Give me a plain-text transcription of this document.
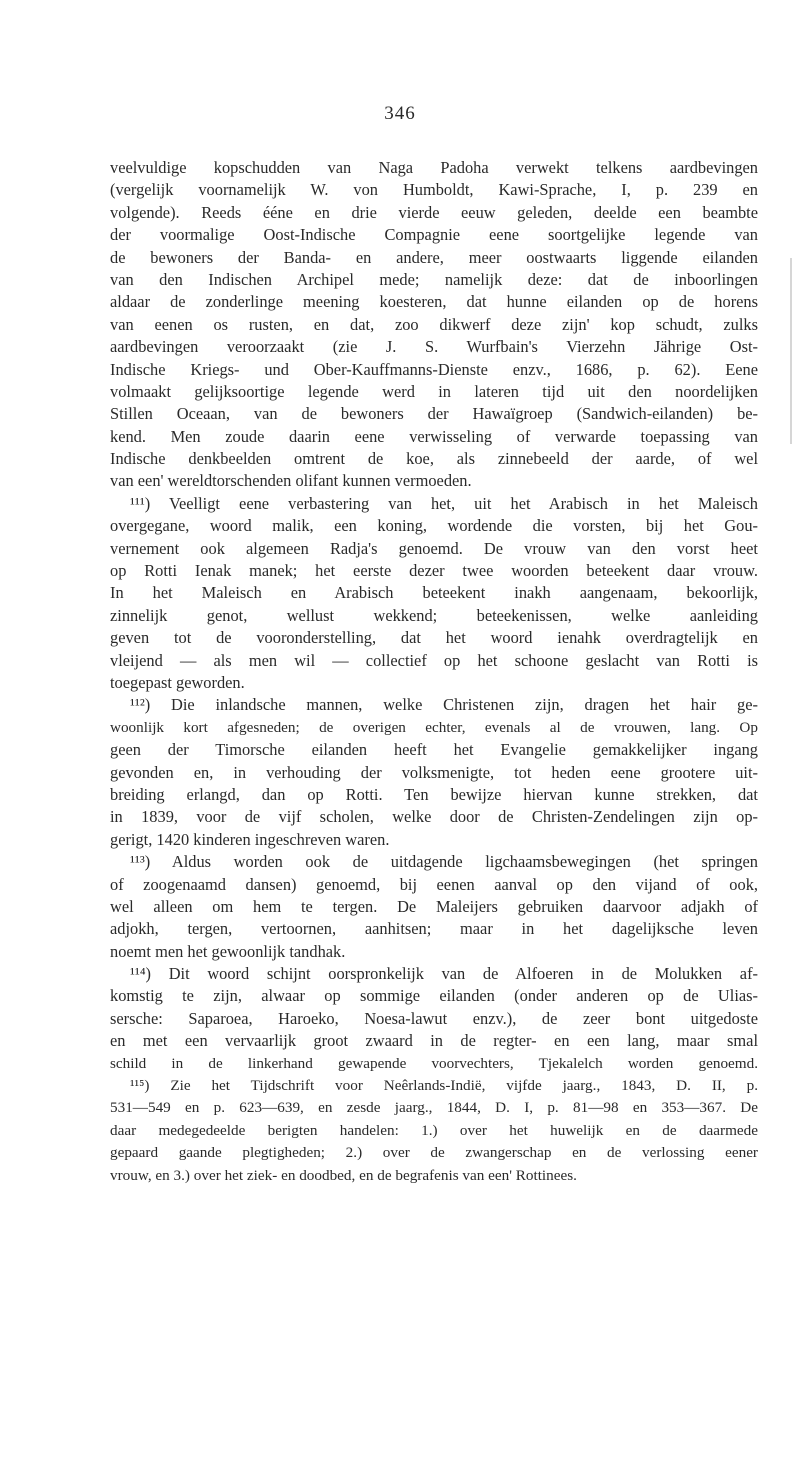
346
veelvuldige kopschudden van Naga Padoha verwekt telkens aardbevingen
(vergelijk voornamelijk W. von Humboldt, Kawi-Sprache, I, p. 239 en
volgende). Reeds ééne en drie vierde eeuw geleden, deelde een beambte
der voormalige Oost-Indische Compagnie eene soortgelijke legende van
de bewoners der Banda- en andere, meer oostwaarts liggende eilanden
van den Indischen Archipel mede; namelijk deze: dat de inboorlingen
aldaar de zonderlinge meening koesteren, dat hunne eilanden op de horens
van eenen os rusten, en dat, zoo dikwerf deze zijn' kop schudt, zulks
aardbevingen veroorzaakt (zie J. S. Wurfbain's Vierzehn Jährige Ost-
Indische Kriegs- und Ober-Kauffmanns-Dienste enzv., 1686, p. 62). Eene
volmaakt gelijksoortige legende werd in lateren tijd uit den noordelijken
Stillen Oceaan, van de bewoners der Hawaïgroep (Sandwich-eilanden) be-
kend. Men zoude daarin eene verwisseling of verwarde toepassing van
Indische denkbeelden omtrent de koe, als zinnebeeld der aarde, of wel
van een' wereldtorschenden olifant kunnen vermoeden.
¹¹¹) Veelligt eene verbastering van het, uit het Arabisch in het Maleisch
overgegane, woord malik, een koning, wordende die vorsten, bij het Gou-
vernement ook algemeen Radja's genoemd. De vrouw van den vorst heet
op Rotti Ienak manek; het eerste dezer twee woorden beteekent daar vrouw.
In het Maleisch en Arabisch beteekent inakh aangenaam, bekoorlijk,
zinnelijk genot, wellust wekkend; beteekenissen, welke aanleiding
geven tot de vooronderstelling, dat het woord ienahk overdragtelijk en
vleijend — als men wil — collectief op het schoone geslacht van Rotti is
toegepast geworden.
¹¹²) Die inlandsche mannen, welke Christenen zijn, dragen het hair ge-
woonlijk kort afgesneden; de overigen echter, evenals al de vrouwen, lang. Op
geen der Timorsche eilanden heeft het Evangelie gemakkelijker ingang
gevonden en, in verhouding der volksmenigte, tot heden eene grootere uit-
breiding erlangd, dan op Rotti. Ten bewijze hiervan kunne strekken, dat
in 1839, voor de vijf scholen, welke door de Christen-Zendelingen zijn op-
gerigt, 1420 kinderen ingeschreven waren.
¹¹³) Aldus worden ook de uitdagende ligchaamsbewegingen (het springen
of zoogenaamd dansen) genoemd, bij eenen aanval op den vijand of ook,
wel alleen om hem te tergen. De Maleijers gebruiken daarvoor adjakh of
adjokh, tergen, vertoornen, aanhitsen; maar in het dagelijksche leven
noemt men het gewoonlijk tandhak.
¹¹⁴) Dit woord schijnt oorspronkelijk van de Alfoeren in de Molukken af-
komstig te zijn, alwaar op sommige eilanden (onder anderen op de Ulias-
sersche: Saparoea, Haroeko, Noesa-lawut enzv.), de zeer bont uitgedoste
en met een vervaarlijk groot zwaard in de regter- en een lang, maar smal
schild in de linkerhand gewapende voorvechters, Tjekalelch worden genoemd.
¹¹⁵) Zie het Tijdschrift voor Neêrlands-Indië, vijfde jaarg., 1843, D. II, p.
531—549 en p. 623—639, en zesde jaarg., 1844, D. I, p. 81—98 en 353—367. De
daar medegedeelde berigten handelen: 1.) over het huwelijk en de daarmede
gepaard gaande plegtigheden; 2.) over de zwangerschap en de verlossing eener
vrouw, en 3.) over het ziek- en doodbed, en de begrafenis van een' Rottinees.
